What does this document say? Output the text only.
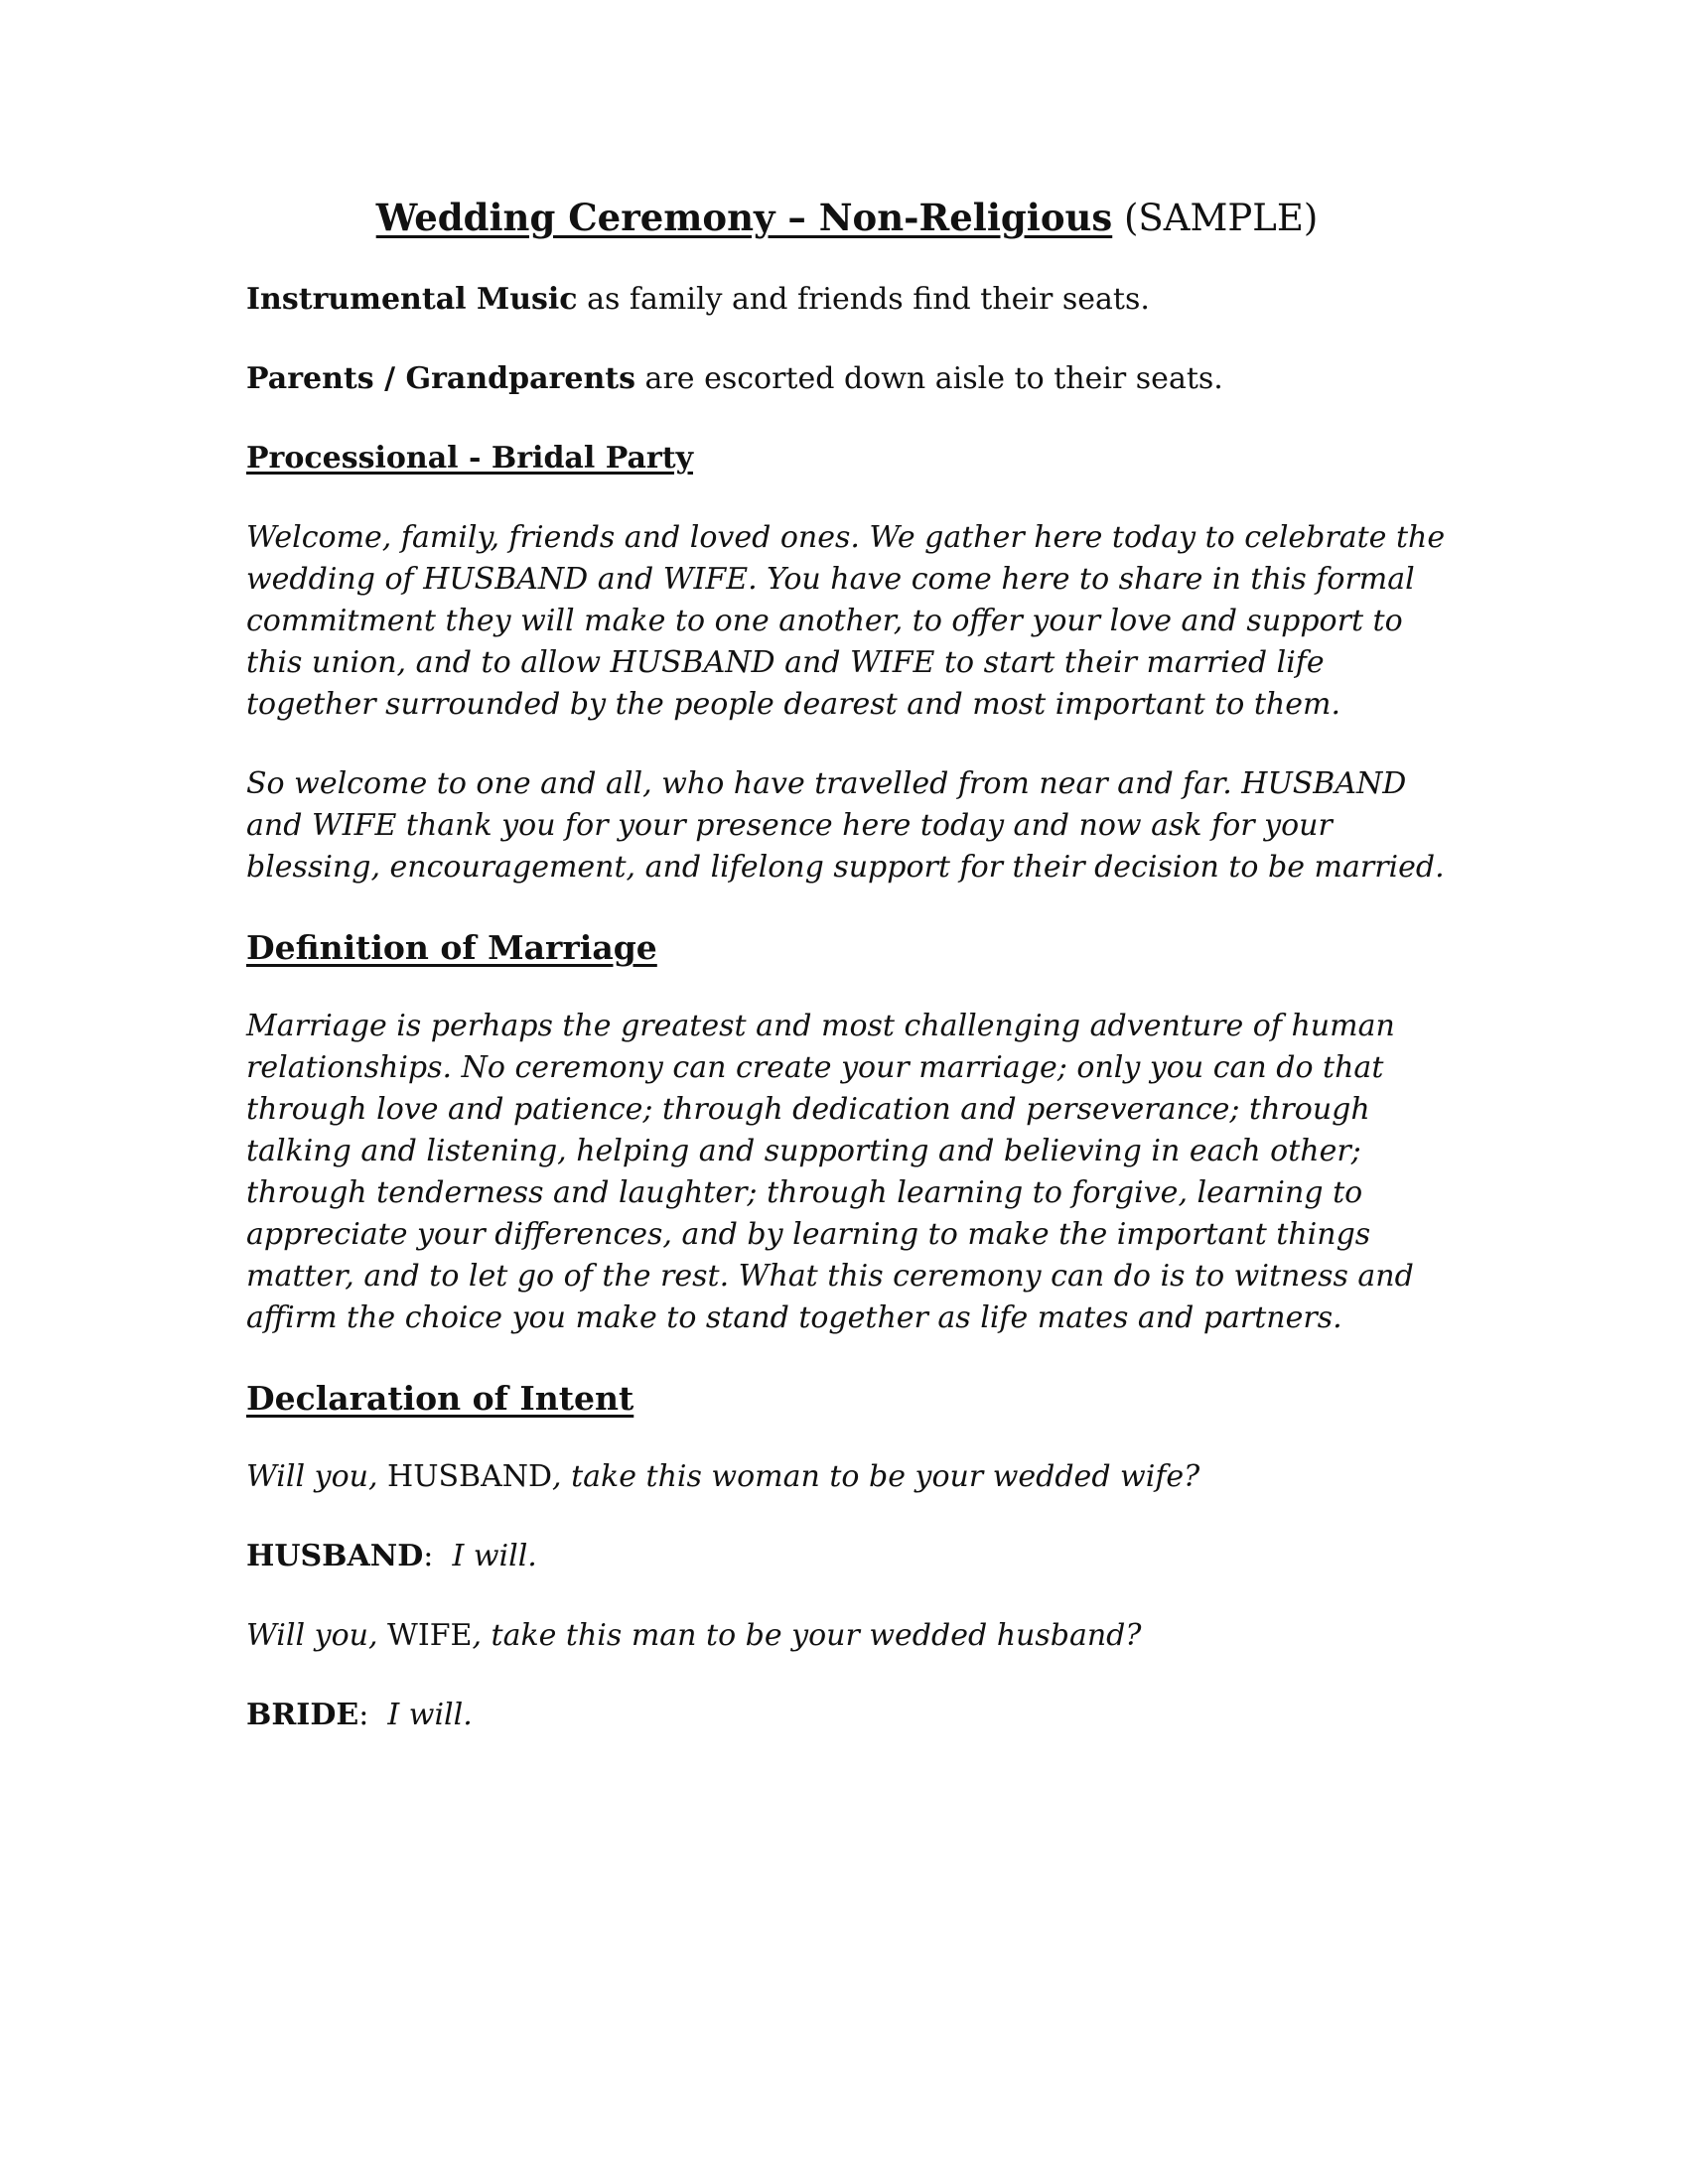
Wedding Ceremony – Non-Religious (SAMPLE)
Instrumental Music as family and friends find their seats.
Parents / Grandparents are escorted down aisle to their seats.
Processional - Bridal Party
Welcome, family, friends and loved ones. We gather here today to celebrate the wedding of HUSBAND and WIFE. You have come here to share in this formal commitment they will make to one another, to offer your love and support to this union, and to allow HUSBAND and WIFE to start their married life together surrounded by the people dearest and most important to them.
So welcome to one and all, who have travelled from near and far. HUSBAND and WIFE thank you for your presence here today and now ask for your blessing, encouragement, and lifelong support for their decision to be married.
Definition of Marriage
Marriage is perhaps the greatest and most challenging adventure of human relationships. No ceremony can create your marriage; only you can do that through love and patience; through dedication and perseverance; through talking and listening, helping and supporting and believing in each other; through tenderness and laughter; through learning to forgive, learning to appreciate your differences, and by learning to make the important things matter, and to let go of the rest. What this ceremony can do is to witness and affirm the choice you make to stand together as life mates and partners.
Declaration of Intent
Will you, HUSBAND, take this woman to be your wedded wife?
HUSBAND:  I will.
Will you, WIFE, take this man to be your wedded husband?
BRIDE:  I will.
